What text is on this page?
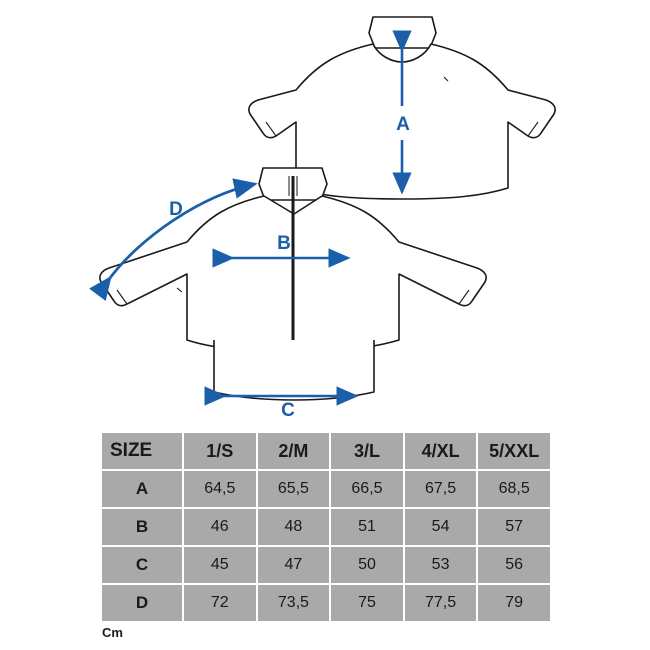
A
B
C
D
SIZE	1/S	2/M	3/L	4/XL	5/XXL
A	64,5	65,5	66,5	67,5	68,5
B	46	48	51	54	57
C	45	47	50	53	56
D	72	73,5	75	77,5	79
Cm
